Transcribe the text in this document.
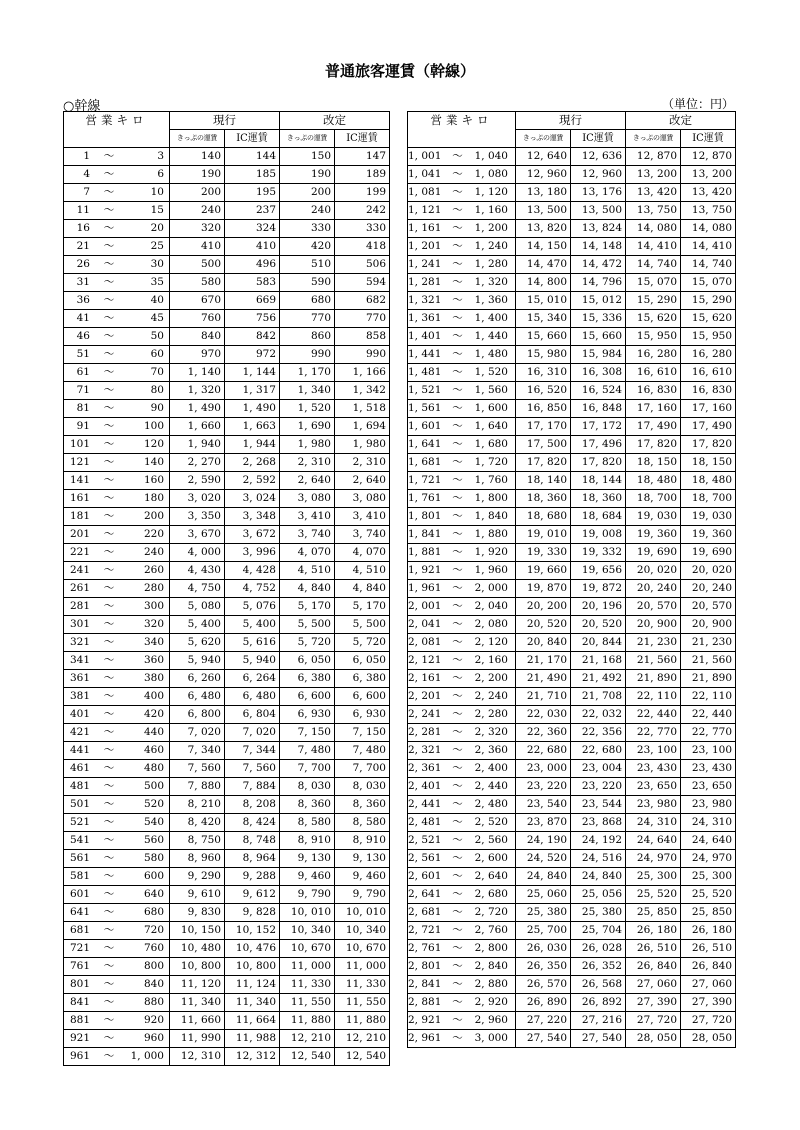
普通旅客運賃（幹線）
○幹線	（単位：円）
営業キロ	現行		改定	
	きっぷの運賃	IC運賃	きっぷの運賃	IC運賃
1 〜 3	140	144	150	147
4 〜 6	190	185	190	189
7 〜 10	200	195	200	199
11 〜 15	240	237	240	242
16 〜 20	320	324	330	330
21 〜 25	410	410	420	418
26 〜 30	500	496	510	506
31 〜 35	580	583	590	594
36 〜 40	670	669	680	682
41 〜 45	760	756	770	770
46 〜 50	840	842	860	858
51 〜 60	970	972	990	990
61 〜 70	1, 140	1, 144	1, 170	1, 166
71 〜 80	1, 320	1, 317	1, 340	1, 342
81 〜 90	1, 490	1, 490	1, 520	1, 518
91 〜 100	1, 660	1, 663	1, 690	1, 694
101 〜 120	1, 940	1, 944	1, 980	1, 980
121 〜 140	2, 270	2, 268	2, 310	2, 310
141 〜 160	2, 590	2, 592	2, 640	2, 640
161 〜 180	3, 020	3, 024	3, 080	3, 080
181 〜 200	3, 350	3, 348	3, 410	3, 410
201 〜 220	3, 670	3, 672	3, 740	3, 740
221 〜 240	4, 000	3, 996	4, 070	4, 070
241 〜 260	4, 430	4, 428	4, 510	4, 510
261 〜 280	4, 750	4, 752	4, 840	4, 840
281 〜 300	5, 080	5, 076	5, 170	5, 170
301 〜 320	5, 400	5, 400	5, 500	5, 500
321 〜 340	5, 620	5, 616	5, 720	5, 720
341 〜 360	5, 940	5, 940	6, 050	6, 050
361 〜 380	6, 260	6, 264	6, 380	6, 380
381 〜 400	6, 480	6, 480	6, 600	6, 600
401 〜 420	6, 800	6, 804	6, 930	6, 930
421 〜 440	7, 020	7, 020	7, 150	7, 150
441 〜 460	7, 340	7, 344	7, 480	7, 480
461 〜 480	7, 560	7, 560	7, 700	7, 700
481 〜 500	7, 880	7, 884	8, 030	8, 030
501 〜 520	8, 210	8, 208	8, 360	8, 360
521 〜 540	8, 420	8, 424	8, 580	8, 580
541 〜 560	8, 750	8, 748	8, 910	8, 910
561 〜 580	8, 960	8, 964	9, 130	9, 130
581 〜 600	9, 290	9, 288	9, 460	9, 460
601 〜 640	9, 610	9, 612	9, 790	9, 790
641 〜 680	9, 830	9, 828	10, 010	10, 010
681 〜 720	10, 150	10, 152	10, 340	10, 340
721 〜 760	10, 480	10, 476	10, 670	10, 670
761 〜 800	10, 800	10, 800	11, 000	11, 000
801 〜 840	11, 120	11, 124	11, 330	11, 330
841 〜 880	11, 340	11, 340	11, 550	11, 550
881 〜 920	11, 660	11, 664	11, 880	11, 880
921 〜 960	11, 990	11, 988	12, 210	12, 210
961 〜 1, 000	12, 310	12, 312	12, 540	12, 540
営業キロ	現行		改定	
	きっぷの運賃	IC運賃	きっぷの運賃	IC運賃
1, 001 〜 1, 040	12, 640	12, 636	12, 870	12, 870
1, 041 〜 1, 080	12, 960	12, 960	13, 200	13, 200
1, 081 〜 1, 120	13, 180	13, 176	13, 420	13, 420
1, 121 〜 1, 160	13, 500	13, 500	13, 750	13, 750
1, 161 〜 1, 200	13, 820	13, 824	14, 080	14, 080
1, 201 〜 1, 240	14, 150	14, 148	14, 410	14, 410
1, 241 〜 1, 280	14, 470	14, 472	14, 740	14, 740
1, 281 〜 1, 320	14, 800	14, 796	15, 070	15, 070
1, 321 〜 1, 360	15, 010	15, 012	15, 290	15, 290
1, 361 〜 1, 400	15, 340	15, 336	15, 620	15, 620
1, 401 〜 1, 440	15, 660	15, 660	15, 950	15, 950
1, 441 〜 1, 480	15, 980	15, 984	16, 280	16, 280
1, 481 〜 1, 520	16, 310	16, 308	16, 610	16, 610
1, 521 〜 1, 560	16, 520	16, 524	16, 830	16, 830
1, 561 〜 1, 600	16, 850	16, 848	17, 160	17, 160
1, 601 〜 1, 640	17, 170	17, 172	17, 490	17, 490
1, 641 〜 1, 680	17, 500	17, 496	17, 820	17, 820
1, 681 〜 1, 720	17, 820	17, 820	18, 150	18, 150
1, 721 〜 1, 760	18, 140	18, 144	18, 480	18, 480
1, 761 〜 1, 800	18, 360	18, 360	18, 700	18, 700
1, 801 〜 1, 840	18, 680	18, 684	19, 030	19, 030
1, 841 〜 1, 880	19, 010	19, 008	19, 360	19, 360
1, 881 〜 1, 920	19, 330	19, 332	19, 690	19, 690
1, 921 〜 1, 960	19, 660	19, 656	20, 020	20, 020
1, 961 〜 2, 000	19, 870	19, 872	20, 240	20, 240
2, 001 〜 2, 040	20, 200	20, 196	20, 570	20, 570
2, 041 〜 2, 080	20, 520	20, 520	20, 900	20, 900
2, 081 〜 2, 120	20, 840	20, 844	21, 230	21, 230
2, 121 〜 2, 160	21, 170	21, 168	21, 560	21, 560
2, 161 〜 2, 200	21, 490	21, 492	21, 890	21, 890
2, 201 〜 2, 240	21, 710	21, 708	22, 110	22, 110
2, 241 〜 2, 280	22, 030	22, 032	22, 440	22, 440
2, 281 〜 2, 320	22, 360	22, 356	22, 770	22, 770
2, 321 〜 2, 360	22, 680	22, 680	23, 100	23, 100
2, 361 〜 2, 400	23, 000	23, 004	23, 430	23, 430
2, 401 〜 2, 440	23, 220	23, 220	23, 650	23, 650
2, 441 〜 2, 480	23, 540	23, 544	23, 980	23, 980
2, 481 〜 2, 520	23, 870	23, 868	24, 310	24, 310
2, 521 〜 2, 560	24, 190	24, 192	24, 640	24, 640
2, 561 〜 2, 600	24, 520	24, 516	24, 970	24, 970
2, 601 〜 2, 640	24, 840	24, 840	25, 300	25, 300
2, 641 〜 2, 680	25, 060	25, 056	25, 520	25, 520
2, 681 〜 2, 720	25, 380	25, 380	25, 850	25, 850
2, 721 〜 2, 760	25, 700	25, 704	26, 180	26, 180
2, 761 〜 2, 800	26, 030	26, 028	26, 510	26, 510
2, 801 〜 2, 840	26, 350	26, 352	26, 840	26, 840
2, 841 〜 2, 880	26, 570	26, 568	27, 060	27, 060
2, 881 〜 2, 920	26, 890	26, 892	27, 390	27, 390
2, 921 〜 2, 960	27, 220	27, 216	27, 720	27, 720
2, 961 〜 3, 000	27, 540	27, 540	28, 050	28, 050
